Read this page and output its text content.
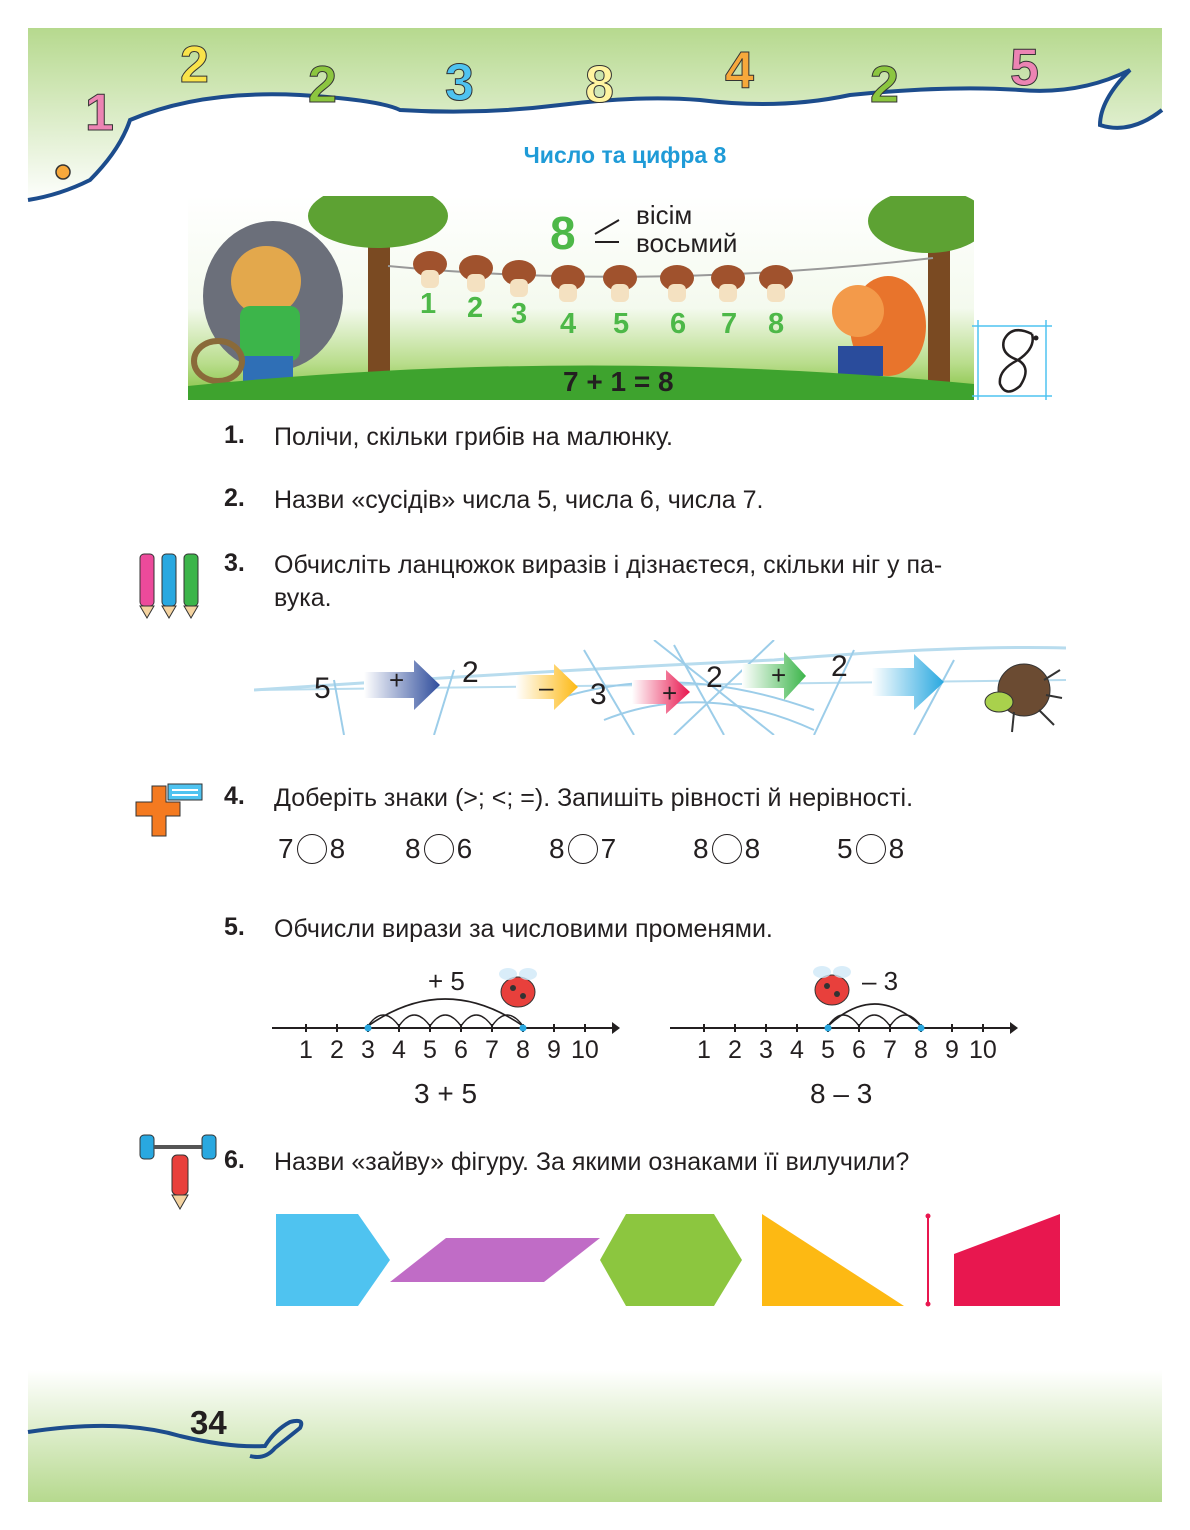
1
2 2 3 8 4 2 5
Число та цифра 8
8 вісім
восьмий
1 2 3 4 5 6 7 8
7 + 1 = 8
1. Полічи, скільки грибів на малюнку.
2. Назви «сусідів» числа 5, числа 6, числа 7.
3. Обчисліть ланцюжок виразів і дізнаєтеся, скільки ніг у па-
вука.
5 + 2 – 3 + 2 + 2
4. Доберіть знаки (>; <; =). Запишіть рівності й нерівності.
7 8 8 6	8 7	8 8	5 8
5. Обчисли вирази за числовими променями.
+ 5
1 2 3 4 5 6 7 8 9 10
3 + 5
– 3
1 2 3 4 5 6 7 8 9 10
8 – 3
6. Назви «зайву» фігуру. За якими ознаками її вилучили?
34
